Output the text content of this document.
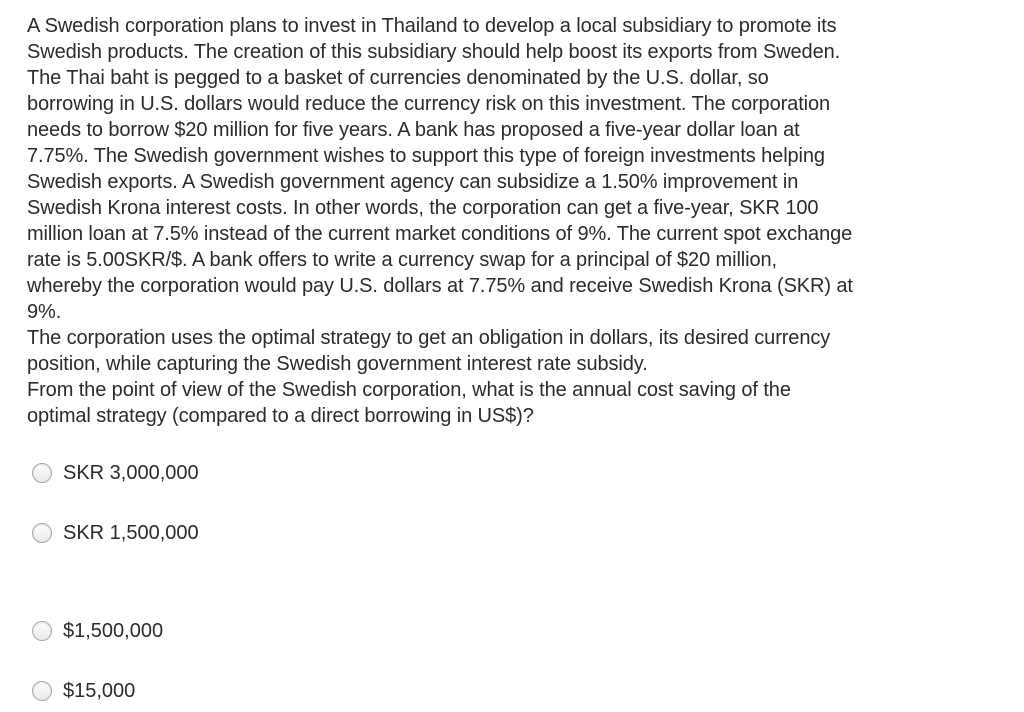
A Swedish corporation plans to invest in Thailand to develop a local subsidiary to promote its
Swedish products. The creation of this subsidiary should help boost its exports from Sweden.
The Thai baht is pegged to a basket of currencies denominated by the U.S. dollar, so
borrowing in U.S. dollars would reduce the currency risk on this investment. The corporation
needs to borrow $20 million for five years. A bank has proposed a five-year dollar loan at
7.75%. The Swedish government wishes to support this type of foreign investments helping
Swedish exports. A Swedish government agency can subsidize a 1.50% improvement in
Swedish Krona interest costs. In other words, the corporation can get a five-year, SKR 100
million loan at 7.5% instead of the current market conditions of 9%. The current spot exchange
rate is 5.00SKR/$. A bank offers to write a currency swap for a principal of $20 million,
whereby the corporation would pay U.S. dollars at 7.75% and receive Swedish Krona (SKR) at
9%.

The corporation uses the optimal strategy to get an obligation in dollars, its desired currency
position, while capturing the Swedish government interest rate subsidy.

From the point of view of the Swedish corporation, what is the annual cost saving of the
optimal strategy (compared to a direct borrowing in US$)?

SKR 3,000,000
SKR 1,500,000
$1,500,000
$15,000
